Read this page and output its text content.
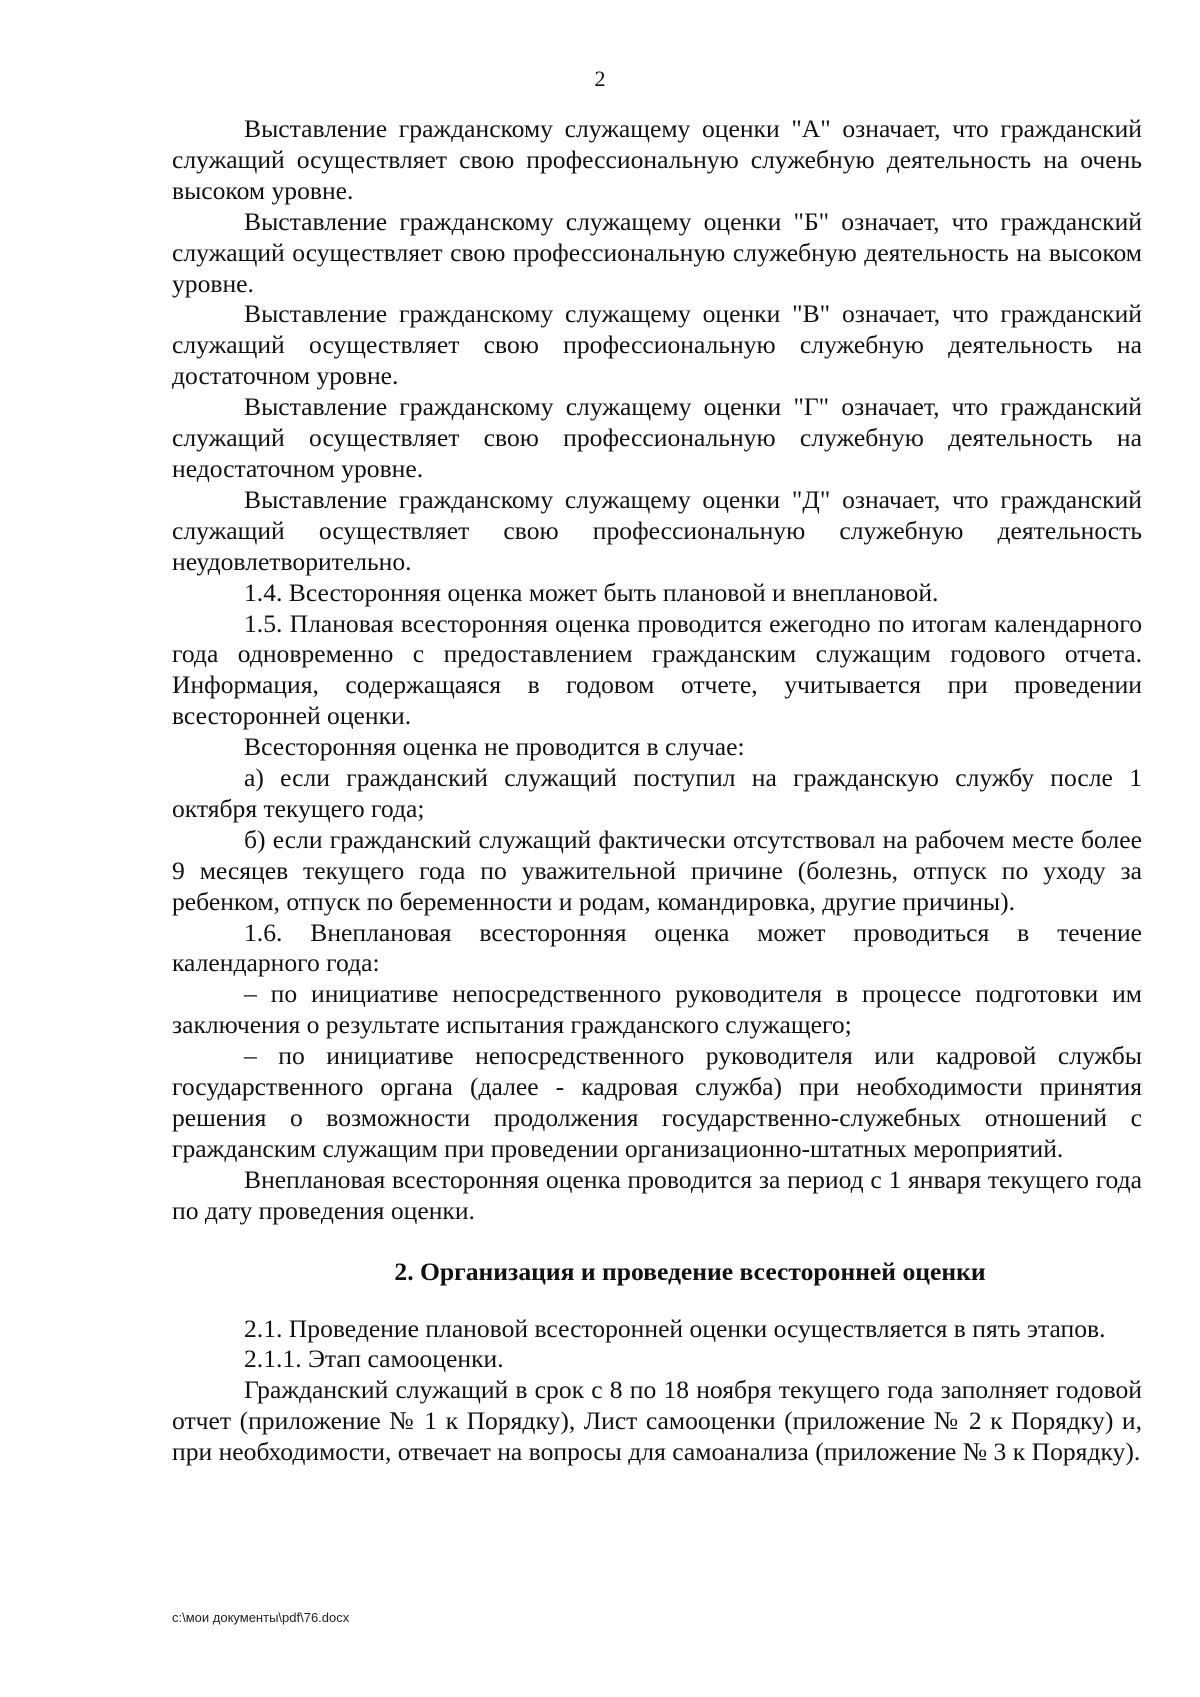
2

Выставление гражданскому служащему оценки "А" означает, что гражданский служащий осуществляет свою профессиональную служебную деятельность на очень высоком уровне.

Выставление гражданскому служащему оценки "Б" означает, что гражданский служащий осуществляет свою профессиональную служебную деятельность на высоком уровне.

Выставление гражданскому служащему оценки "В" означает, что гражданский служащий осуществляет свою профессиональную служебную деятельность на достаточном уровне.

Выставление гражданскому служащему оценки "Г" означает, что гражданский служащий осуществляет свою профессиональную служебную деятельность на недостаточном уровне.

Выставление гражданскому служащему оценки "Д" означает, что гражданский служащий осуществляет свою профессиональную служебную деятельность неудовлетворительно.

1.4. Всесторонняя оценка может быть плановой и внеплановой.

1.5. Плановая всесторонняя оценка проводится ежегодно по итогам календарного года одновременно с предоставлением гражданским служащим годового отчета. Информация, содержащаяся в годовом отчете, учитывается при проведении всесторонней оценки.

Всесторонняя оценка не проводится в случае:

а) если гражданский служащий поступил на гражданскую службу после 1 октября текущего года;

б) если гражданский служащий фактически отсутствовал на рабочем месте более 9 месяцев текущего года по уважительной причине (болезнь, отпуск по уходу за ребенком, отпуск по беременности и родам, командировка, другие причины).

1.6. Внеплановая всесторонняя оценка может проводиться в течение календарного года:

– по инициативе непосредственного руководителя в процессе подготовки им заключения о результате испытания гражданского служащего;

– по инициативе непосредственного руководителя или кадровой службы государственного органа (далее - кадровая служба) при необходимости принятия решения о возможности продолжения государственно-служебных отношений с гражданским служащим при проведении организационно-штатных мероприятий.

Внеплановая всесторонняя оценка проводится за период с 1 января текущего года по дату проведения оценки.

2. Организация и проведение всесторонней оценки

2.1. Проведение плановой всесторонней оценки осуществляется в пять этапов.

2.1.1. Этап самооценки.

Гражданский служащий в срок с 8 по 18 ноября текущего года заполняет годовой отчет (приложение № 1 к Порядку), Лист самооценки (приложение № 2 к Порядку) и, при необходимости, отвечает на вопросы для самоанализа (приложение № 3 к Порядку).

c:\мои документы\pdf\76.docx
